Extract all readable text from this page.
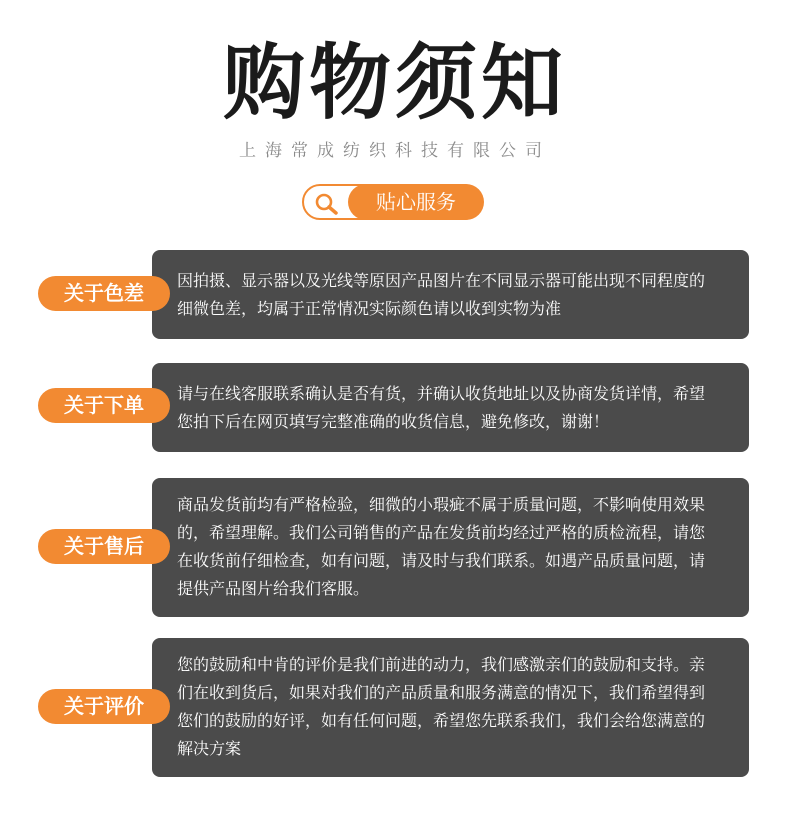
购物须知
上海常成纺织科技有限公司
贴心服务

因拍摄、显示器以及光线等原因产品图片在不同显示器可能出现不同程度的

细微色差，均属于正常情况实际颜色请以收到实物为准

关于色差

请与在线客服联系确认是否有货，并确认收货地址以及协商发货详情，希望

您拍下后在网页填写完整准确的收货信息，避免修改，谢谢！

关于下单

商品发货前均有严格检验，细微的小瑕疵不属于质量问题，不影响使用效果

的，希望理解。我们公司销售的产品在发货前均经过严格的质检流程，请您

在收货前仔细检查，如有问题，请及时与我们联系。如遇产品质量问题，请

提供产品图片给我们客服。

关于售后

您的鼓励和中肯的评价是我们前进的动力，我们感激亲们的鼓励和支持。亲

们在收到货后，如果对我们的产品质量和服务满意的情况下，我们希望得到

您们的鼓励的好评，如有任何问题，希望您先联系我们，我们会给您满意的

解决方案

关于评价
